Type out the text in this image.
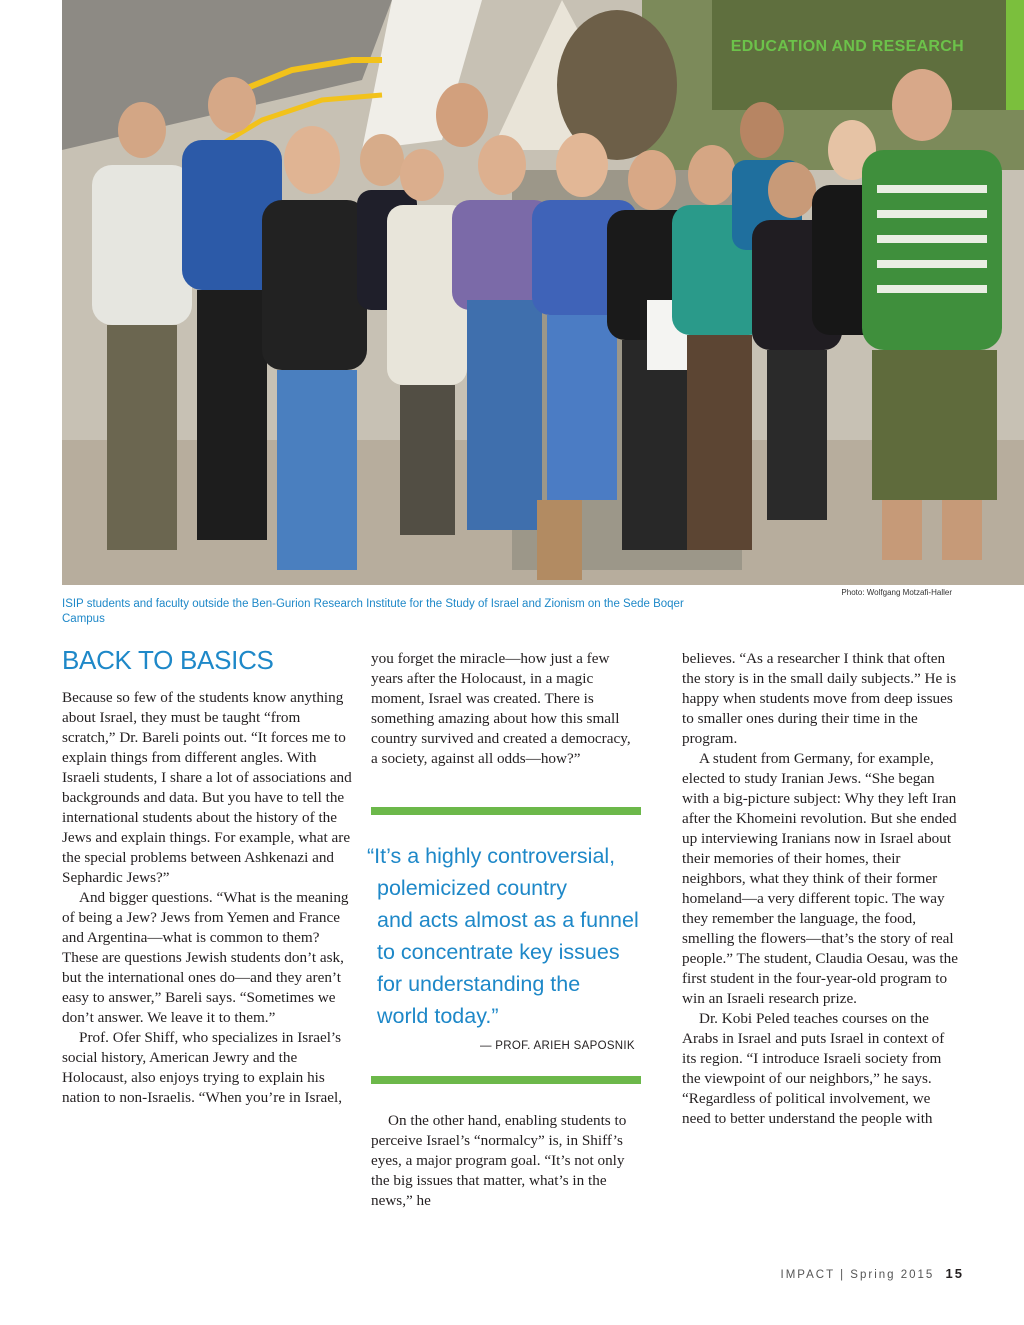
EDUCATION AND RESEARCH
Photo: Wolfgang Motzafi-Haller
ISIP students and faculty outside the Ben-Gurion Research Institute for the Study of Israel and Zionism on the Sede Boqer Campus
BACK TO BASICS

Because so few of the students know anything about Israel, they must be taught “from scratch,” Dr. Bareli points out. “It forces me to explain things from different angles. With Israeli students, I share a lot of associations and backgrounds and data. But you have to tell the international students about the history of the Jews and explain things. For example, what are the special problems between Ashkenazi and Sephardic Jews?”

And bigger questions. “What is the meaning of being a Jew? Jews from Yemen and France and Argentina—what is common to them? These are questions Jewish students don’t ask, but the international ones do—and they aren’t easy to answer,” Bareli says. “Sometimes we don’t answer. We leave it to them.”

Prof. Ofer Shiff, who specializes in Israel’s social history, American Jewry and the Holocaust, also enjoys trying to explain his nation to non-Israelis. “When you’re in Israel,

you forget the miracle—how just a few years after the Holocaust, in a magic moment, Israel was created. There is something amazing about how this small country survived and created a democracy, a society, against all odds—how?”

“It’s a highly controversial,
polemicized country
and acts almost as a funnel
to concentrate key issues
for understanding the
world today.”
— PROF. ARIEH SAPOSNIK

On the other hand, enabling students to perceive Israel’s “normalcy” is, in Shiff’s eyes, a major program goal. “It’s not only the big issues that matter, what’s in the news,” he

believes. “As a researcher I think that often the story is in the small daily subjects.” He is happy when students move from deep issues to smaller ones during their time in the program.

A student from Germany, for example, elected to study Iranian Jews. “She began with a big-picture subject: Why they left Iran after the Khomeini revolution. But she ended up interviewing Iranians now in Israel about their memories of their homes, their neighbors, what they think of their former homeland—a very different topic. The way they remember the language, the food, smelling the flowers—that’s the story of real people.” The student, Claudia Oesau, was the first student in the four-year-old program to win an Israeli research prize.

Dr. Kobi Peled teaches courses on the Arabs in Israel and puts Israel in context of its region. “I introduce Israeli society from the viewpoint of our neighbors,” he says. “Regardless of political involvement, we need to better understand the people with

IMPACT | Spring 2015 15
